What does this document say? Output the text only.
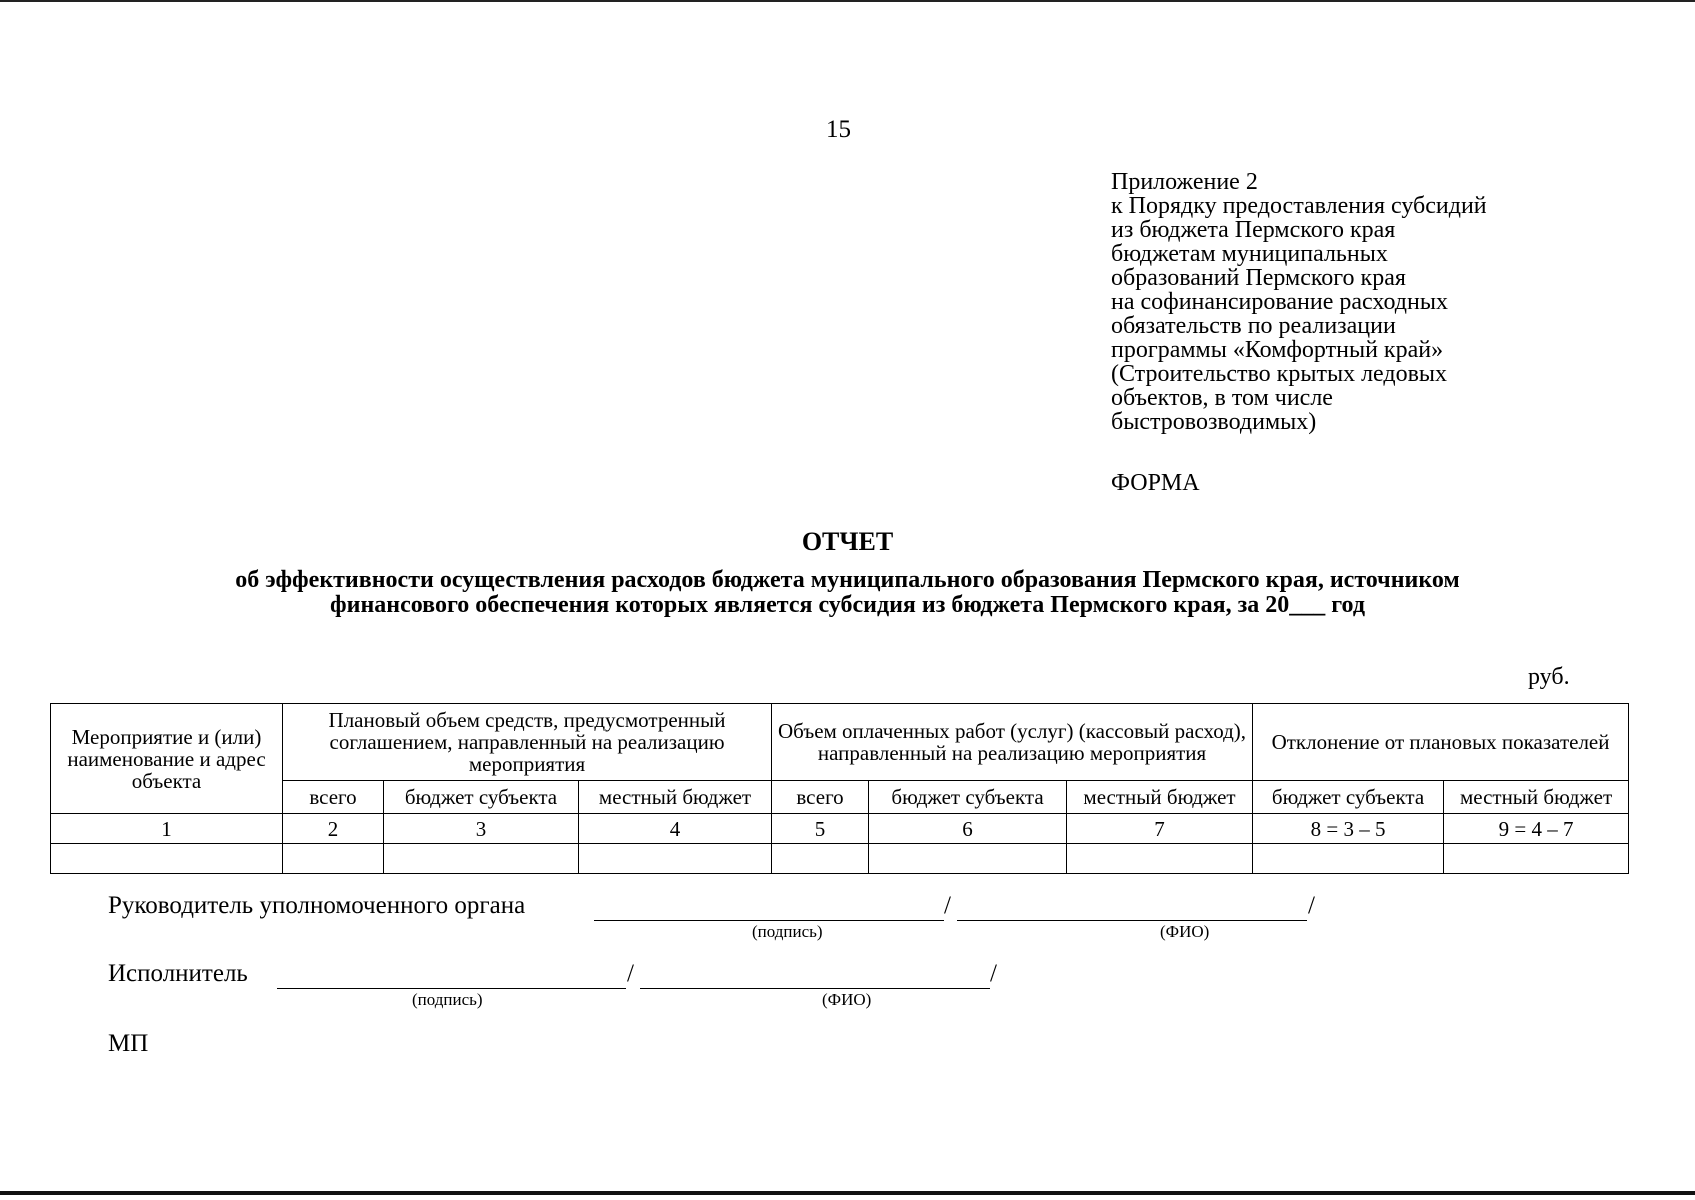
15
Приложение 2
к Порядку предоставления субсидий
из бюджета Пермского края
бюджетам муниципальных
образований Пермского края
на софинансирование расходных
обязательств по реализации
программы «Комфортный край»
(Строительство крытых ледовых
объектов, в том числе
быстровозводимых)
ФОРМА
ОТЧЕТ
об эффективности осуществления расходов бюджета муниципального образования Пермского края, источником
финансового обеспечения которых является субсидия из бюджета Пермского края, за 20___ год
руб.
Мероприятие и (или) наименование и адрес объекта	Плановый объем средств, предусмотренный соглашением, направленный на реализацию мероприятия			Объем оплаченных работ (услуг) (кассовый расход), направленный на реализацию мероприятия			Отклонение от плановых показателей	
	всего	бюджет субъекта	местный бюджет	всего	бюджет субъекта	местный бюджет	бюджет субъекта	местный бюджет
1	2	3	4	5	6	7	8 = 3 – 5	9 = 4 – 7

Руководитель уполномоченного органа	/	/
(подпись)	(ФИО)
Исполнитель	/	/
(подпись)	(ФИО)
МП
